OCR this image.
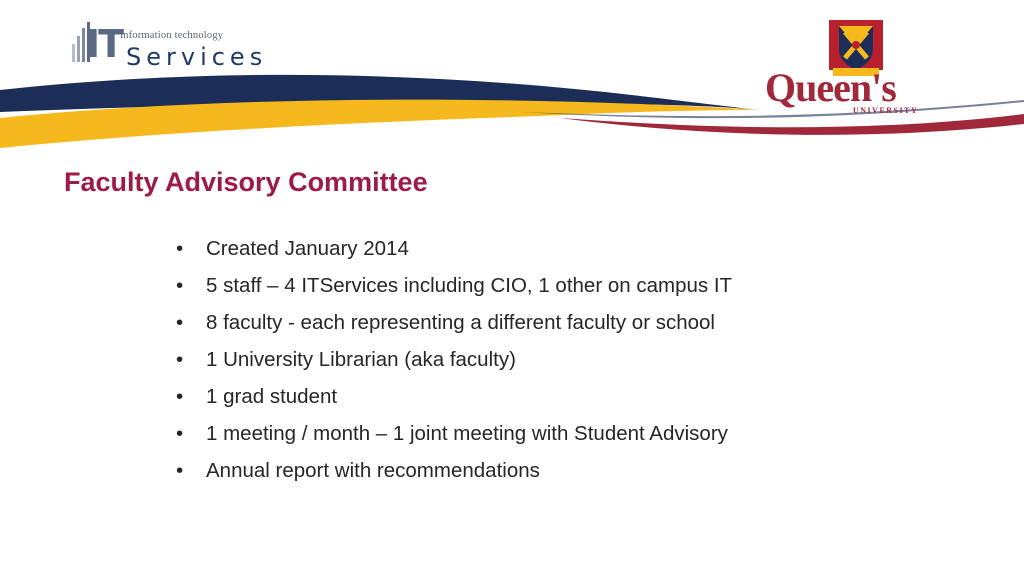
IT
information technology
Services
Queen's
UNIVERSITY
Faculty Advisory Committee
• Created January 2014
• 5 staff – 4 ITServices including CIO, 1 other on campus IT
• 8 faculty - each representing a different faculty or school
• 1 University Librarian (aka faculty)
• 1 grad student
• 1 meeting / month – 1 joint meeting with Student Advisory
• Annual report with recommendations
